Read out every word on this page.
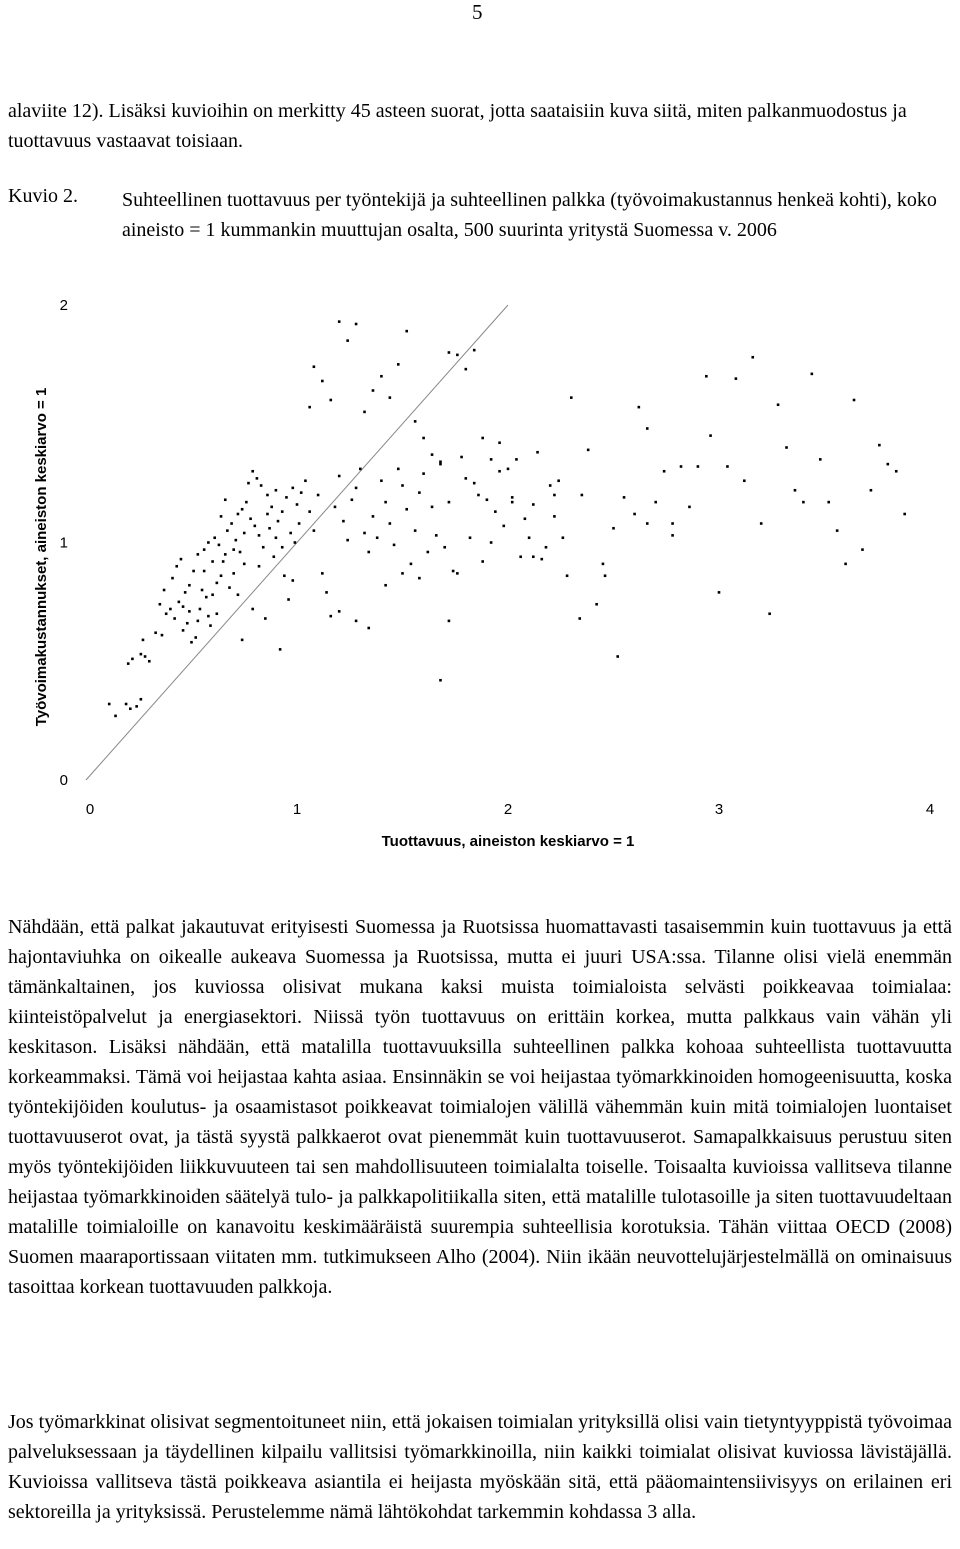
5

alaviite 12). Lisäksi kuvioihin on merkitty 45 asteen suorat, jotta saataisiin kuva siitä, miten palkanmuodostus ja tuottavuus vastaavat toisiaan.

Kuvio 2. Suhteellinen tuottavuus per työntekijä ja suhteellinen palkka (työvoimakustannus henkeä kohti), koko aineisto = 1 kummankin muuttujan osalta, 500 suurinta yritystä Suomessa v. 2006

0	1	2	3	4
0
1
2
Tuottavuus, aineiston keskiarvo = 1
Työvoimakustannukset, aineiston keskiarvo = 1

Nähdään, että palkat jakautuvat erityisesti Suomessa ja Ruotsissa huomattavasti tasaisemmin kuin tuottavuus ja että hajontaviuhka on oikealle aukeava Suomessa ja Ruotsissa, mutta ei juuri USA:ssa. Tilanne olisi vielä enemmän tämänkaltainen, jos kuviossa olisivat mukana kaksi muista toimialoista selvästi poikkeavaa toimialaa: kiinteistöpalvelut ja energiasektori. Niissä työn tuottavuus on erittäin korkea, mutta palkkaus vain vähän yli keskitason. Lisäksi nähdään, että matalilla tuottavuuksilla suhteellinen palkka kohoaa suhteellista tuottavuutta korkeammaksi. Tämä voi heijastaa kahta asiaa. Ensinnäkin se voi heijastaa työmarkkinoiden homogeenisuutta, koska työntekijöiden koulutus- ja osaamistasot poikkeavat toimialojen välillä vähemmän kuin mitä toimialojen luontaiset tuottavuuserot ovat, ja tästä syystä palkkaerot ovat pienemmät kuin tuottavuuserot. Samapalkkaisuus perustuu siten myös työntekijöiden liikkuvuuteen tai sen mahdollisuuteen toimialalta toiselle. Toisaalta kuvioissa vallitseva tilanne heijastaa työmarkkinoiden säätelyä tulo- ja palkkapolitiikalla siten, että matalille tulotasoille ja siten tuottavuudeltaan matalille toimialoille on kanavoitu keskimääräistä suurempia suhteellisia korotuksia. Tähän viittaa OECD (2008) Suomen maaraportissaan viitaten mm. tutkimukseen Alho (2004). Niin ikään neuvottelujärjestelmällä on ominaisuus tasoittaa korkean tuottavuuden palkkoja.

Jos työmarkkinat olisivat segmentoituneet niin, että jokaisen toimialan yrityksillä olisi vain tietyntyyppistä työvoimaa palveluksessaan ja täydellinen kilpailu vallitsisi työmarkkinoilla, niin kaikki toimialat olisivat kuviossa lävistäjällä. Kuvioissa vallitseva tästä poikkeava asiantila ei heijasta myöskään sitä, että pääomaintensiivisyys on erilainen eri sektoreilla ja yrityksissä. Perustelemme nämä lähtökohdat tarkemmin kohdassa 3 alla.
